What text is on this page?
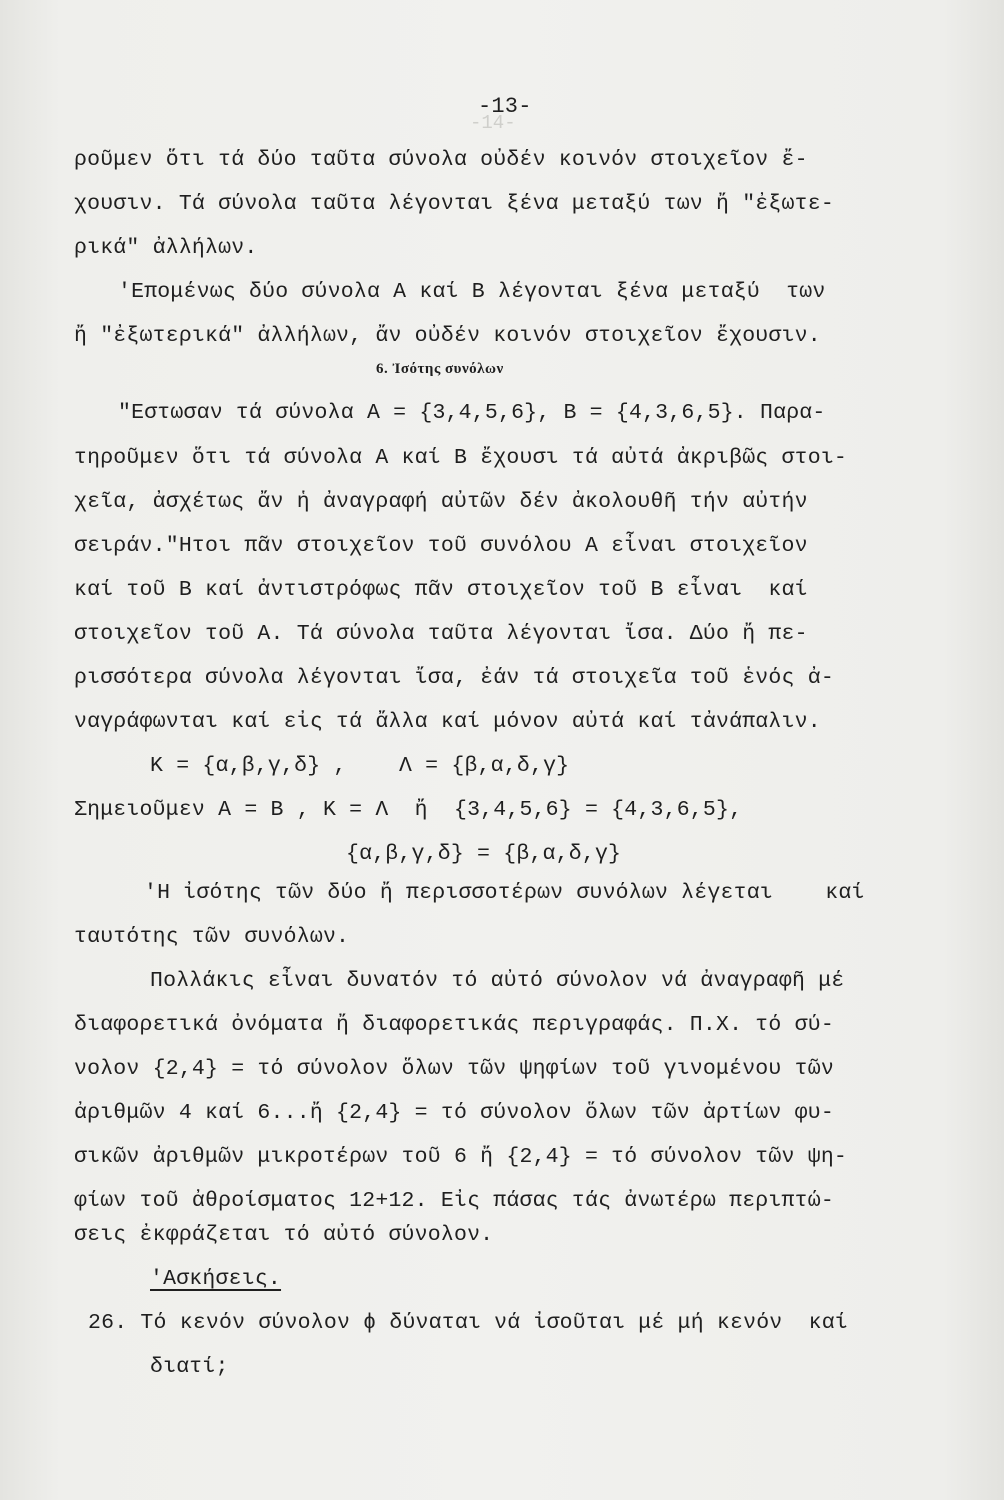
-14-

-13-

ροῦμεν ὅτι τά δύο ταῦτα σύνολα οὐδέν κοινόν στοιχεῖον ἔ-

χουσιν. Τά σύνολα ταῦτα λέγονται ξένα μεταξύ των ἤ "ἐξωτε-

ρικά" ἀλλήλων.

'Επομένως δύο σύνολα Α καί Β λέγονται ξένα μεταξύ  των

ἤ "ἐξωτερικά" ἀλλήλων, ἄν οὐδέν κοινόν στοιχεῖον ἔχουσιν.

6. Ἰσότης συνόλων

"Εστωσαν τά σύνολα Α = {3,4,5,6}, Β = {4,3,6,5}. Παρα-

τηροῦμεν ὅτι τά σύνολα Α καί Β ἔχουσι τά αὐτά ἀκριβῶς στοι-

χεῖα, ἀσχέτως ἄν ἡ ἀναγραφή αὐτῶν δέν ἀκολουθῆ τήν αὐτήν

σειράν."Ητοι πᾶν στοιχεῖον τοῦ συνόλου Α εἶναι στοιχεῖον

καί τοῦ Β καί ἀντιστρόφως πᾶν στοιχεῖον τοῦ Β εἶναι  καί

στοιχεῖον τοῦ Α. Τά σύνολα ταῦτα λέγονται ἴσα. Δύο ἤ πε-

ρισσότερα σύνολα λέγονται ἴσα, ἐάν τά στοιχεῖα τοῦ ἑνός ἀ-

ναγράφωνται καί εἰς τά ἄλλα καί μόνον αὐτά καί τἀνάπαλιν.

Κ = {α,β,γ,δ} ,    Λ = {β,α,δ,γ}

Σημειοῦμεν Α = Β , Κ = Λ  ἤ  {3,4,5,6} = {4,3,6,5},

{α,β,γ,δ} = {β,α,δ,γ}

'Η ἰσότης τῶν δύο ἤ περισσοτέρων συνόλων λέγεται    καί

ταυτότης τῶν συνόλων.

Πολλάκις εἶναι δυνατόν τό αὐτό σύνολον νά ἀναγραφῆ μέ

διαφορετικά ὀνόματα ἤ διαφορετικάς περιγραφάς. Π.Χ. τό σύ-

νολον {2,4} = τό σύνολον ὅλων τῶν ψηφίων τοῦ γινομένου τῶν

ἀριθμῶν 4 καί 6...ἤ {2,4} = τό σύνολον ὅλων τῶν ἀρτίων φυ-

σικῶν ἀριθμῶν μικροτέρων τοῦ 6 ἤ {2,4} = τό σύνολον τῶν ψη-

φίων τοῦ ἀθροίσματος 12+12. Εἰς πάσας τάς ἀνωτέρω περιπτώ-

σεις ἐκφράζεται τό αὐτό σύνολον.

'Ασκήσεις.

26. Τό κενόν σύνολον ɸ δύναται νά ἰσοῦται μέ μή κενόν  καί

διατί;
